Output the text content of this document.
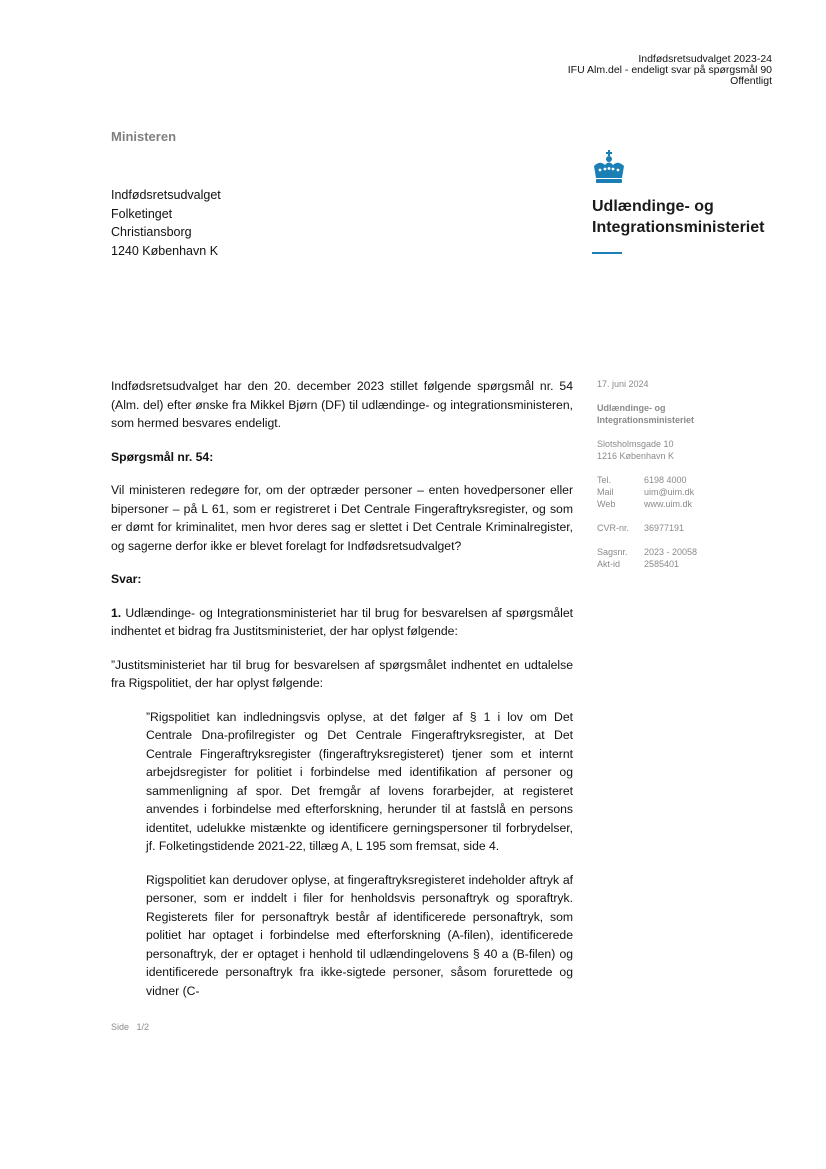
Indfødsretsudvalget 2023-24
IFU Alm.del - endeligt svar på spørgsmål 90
Offentligt
Ministeren
Indfødsretsudvalget
Folketinget
Christiansborg
1240 København K
Udlændinge- og
Integrationsministeriet
17. juni 2024
Udlændinge- og
Integrationsministeriet
Slotsholmsgade 10
1216 København K
Tel.	6198 4000
Mail	uim@uim.dk
Web	www.uim.dk
CVR-nr.	36977191
Sagsnr.	2023 - 20058
Akt-id	2585401

Indfødsretsudvalget har den 20. december 2023 stillet følgende spørgsmål nr. 54 (Alm. del) efter ønske fra Mikkel Bjørn (DF) til udlændinge- og integrationsministeren, som hermed besvares endeligt.

Spørgsmål nr. 54:

Vil ministeren redegøre for, om der optræder personer – enten hovedpersoner eller bipersoner – på L 61, som er registreret i Det Centrale Fingeraftryksregister, og som er dømt for kriminalitet, men hvor deres sag er slettet i Det Centrale Kriminalregister, og sagerne derfor ikke er blevet forelagt for Indfødsretsudvalget?

Svar:

1. Udlændinge- og Integrationsministeriet har til brug for besvarelsen af spørgsmålet indhentet et bidrag fra Justitsministeriet, der har oplyst følgende:

”Justitsministeriet har til brug for besvarelsen af spørgsmålet indhentet en udtalelse fra Rigspolitiet, der har oplyst følgende:

”Rigspolitiet kan indledningsvis oplyse, at det følger af § 1 i lov om Det Centrale Dna-profilregister og Det Centrale Fingeraftryksregister, at Det Centrale Fingeraftryksregister (fingeraftryksregisteret) tjener som et internt arbejdsregister for politiet i forbindelse med identifikation af personer og sammenligning af spor. Det fremgår af lovens forarbejder, at registeret anvendes i forbindelse med efterforskning, herunder til at fastslå en persons identitet, udelukke mistænkte og identificere gerningspersoner til forbrydelser, jf. Folketingstidende 2021-22, tillæg A, L 195 som fremsat, side 4.

Rigspolitiet kan derudover oplyse, at fingeraftryksregisteret indeholder aftryk af personer, som er inddelt i filer for henholdsvis personaftryk og sporaftryk. Registerets filer for personaftryk består af identificerede personaftryk, som politiet har optaget i forbindelse med efterforskning (A-filen), identificerede personaftryk, der er optaget i henhold til udlændingelovens § 40 a (B-filen) og identificerede personaftryk fra ikke-sigtede personer, såsom forurettede og vidner (C-

Side 1/2
